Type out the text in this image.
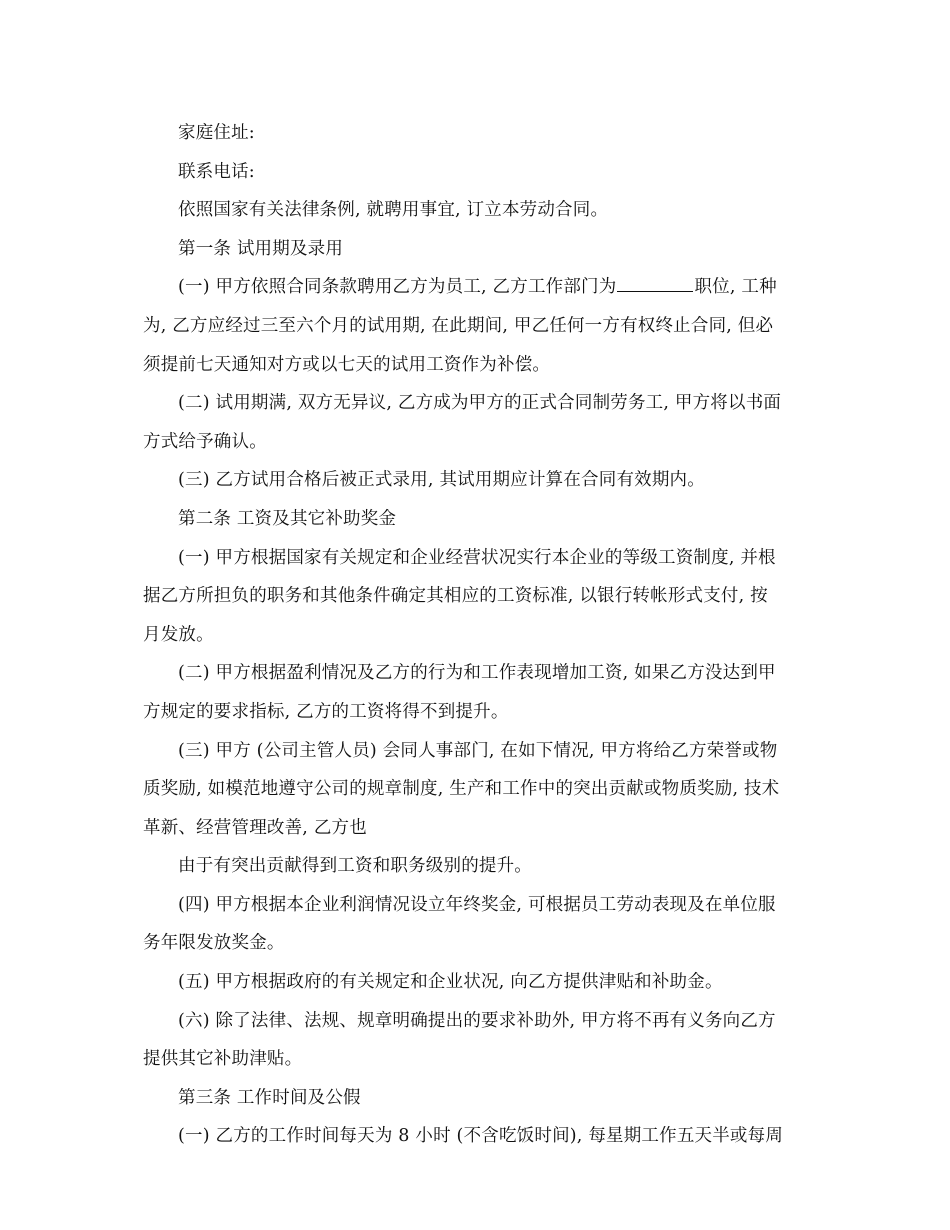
家庭住址:
联系电话:
依照国家有关法律条例, 就聘用事宜, 订立本劳动合同。
第一条 试用期及录用
(一) 甲方依照合同条款聘用乙方为员工, 乙方工作部门为	职位, 工种
为, 乙方应经过三至六个月的试用期, 在此期间, 甲乙任何一方有权终止合同, 但必
须提前七天通知对方或以七天的试用工资作为补偿。
(二) 试用期满, 双方无异议, 乙方成为甲方的正式合同制劳务工, 甲方将以书面
方式给予确认。
(三) 乙方试用合格后被正式录用, 其试用期应计算在合同有效期内。
第二条 工资及其它补助奖金
(一) 甲方根据国家有关规定和企业经营状况实行本企业的等级工资制度, 并根
据乙方所担负的职务和其他条件确定其相应的工资标准, 以银行转帐形式支付, 按
月发放。
(二) 甲方根据盈利情况及乙方的行为和工作表现增加工资, 如果乙方没达到甲
方规定的要求指标, 乙方的工资将得不到提升。
(三) 甲方 (公司主管人员) 会同人事部门, 在如下情况, 甲方将给乙方荣誉或物
质奖励, 如模范地遵守公司的规章制度, 生产和工作中的突出贡献或物质奖励, 技术
革新、经营管理改善, 乙方也
由于有突出贡献得到工资和职务级别的提升。
(四) 甲方根据本企业利润情况设立年终奖金, 可根据员工劳动表现及在单位服
务年限发放奖金。
(五) 甲方根据政府的有关规定和企业状况, 向乙方提供津贴和补助金。
(六) 除了法律、法规、规章明确提出的要求补助外, 甲方将不再有义务向乙方
提供其它补助津贴。
第三条 工作时间及公假
(一) 乙方的工作时间每天为 8 小时 (不含吃饭时间), 每星期工作五天半或每周
